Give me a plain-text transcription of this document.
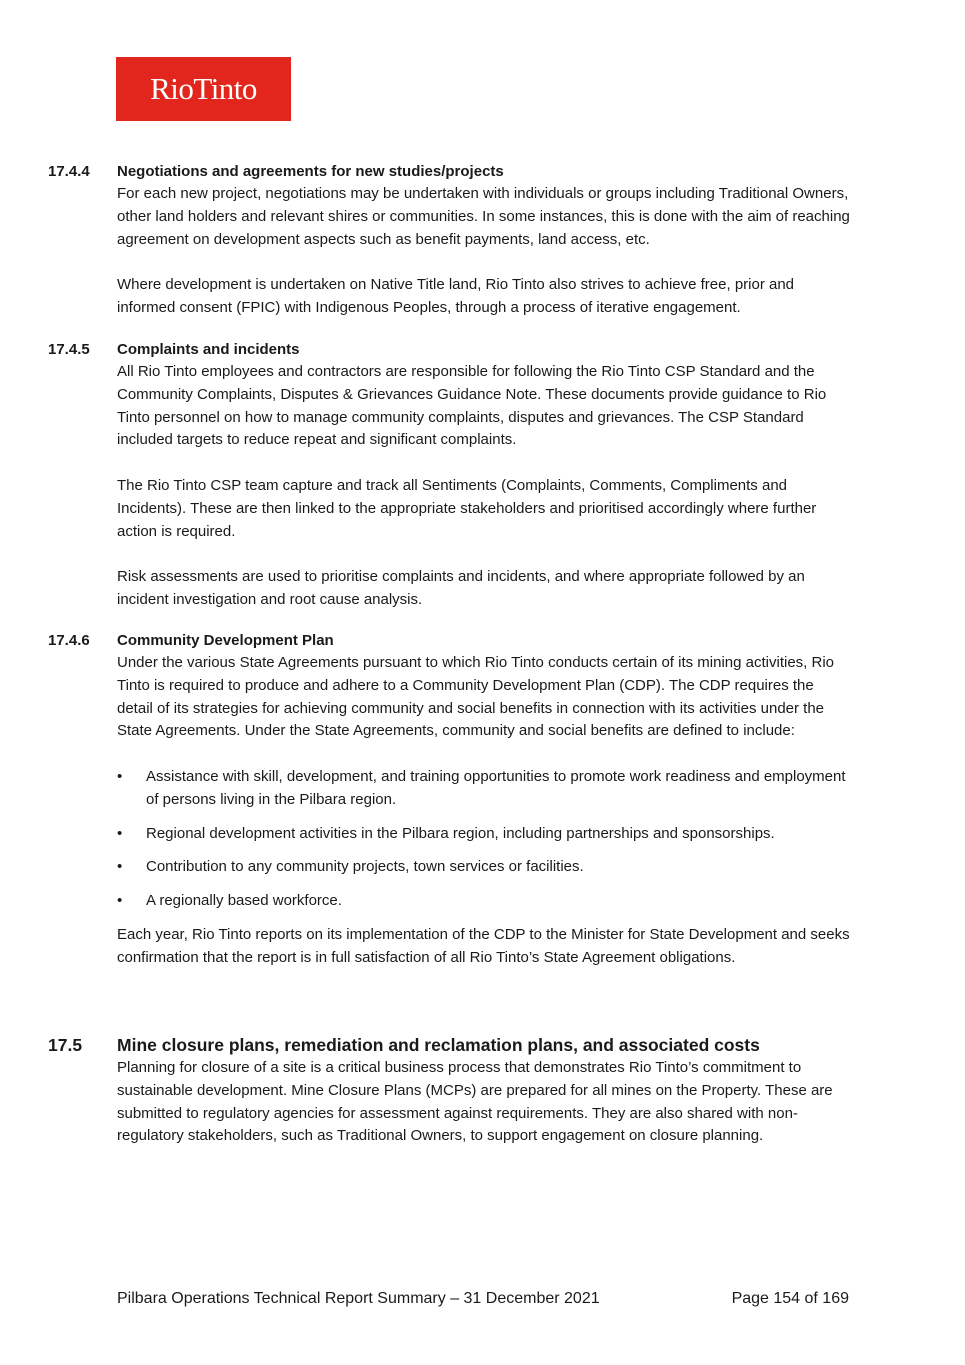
RioTinto
17.4.4 Negotiations and agreements for new studies/projects

For each new project, negotiations may be undertaken with individuals or groups including Traditional Owners, other land holders and relevant shires or communities. In some instances, this is done with the aim of reaching agreement on development aspects such as benefit payments, land access, etc.

Where development is undertaken on Native Title land, Rio Tinto also strives to achieve free, prior and informed consent (FPIC) with Indigenous Peoples, through a process of iterative engagement.

17.4.5 Complaints and incidents

All Rio Tinto employees and contractors are responsible for following the Rio Tinto CSP Standard and the Community Complaints, Disputes & Grievances Guidance Note. These documents provide guidance to Rio Tinto personnel on how to manage community complaints, disputes and grievances. The CSP Standard included targets to reduce repeat and significant complaints.

The Rio Tinto CSP team capture and track all Sentiments (Complaints, Comments, Compliments and Incidents). These are then linked to the appropriate stakeholders and prioritised accordingly where further action is required.

Risk assessments are used to prioritise complaints and incidents, and where appropriate followed by an incident investigation and root cause analysis.

17.4.6 Community Development Plan

Under the various State Agreements pursuant to which Rio Tinto conducts certain of its mining activities, Rio Tinto is required to produce and adhere to a Community Development Plan (CDP). The CDP requires the detail of its strategies for achieving community and social benefits in connection with its activities under the State Agreements. Under the State Agreements, community and social benefits are defined to include:

• Assistance with skill, development, and training opportunities to promote work readiness and employment of persons living in the Pilbara region.
• Regional development activities in the Pilbara region, including partnerships and sponsorships.
• Contribution to any community projects, town services or facilities.
• A regionally based workforce.

Each year, Rio Tinto reports on its implementation of the CDP to the Minister for State Development and seeks confirmation that the report is in full satisfaction of all Rio Tinto’s State Agreement obligations.

17.5 Mine closure plans, remediation and reclamation plans, and associated costs

Planning for closure of a site is a critical business process that demonstrates Rio Tinto’s commitment to sustainable development. Mine Closure Plans (MCPs) are prepared for all mines on the Property. These are submitted to regulatory agencies for assessment against requirements. They are also shared with non-regulatory stakeholders, such as Traditional Owners, to support engagement on closure planning.

Pilbara Operations Technical Report Summary – 31 December 2021	Page 154 of 169
